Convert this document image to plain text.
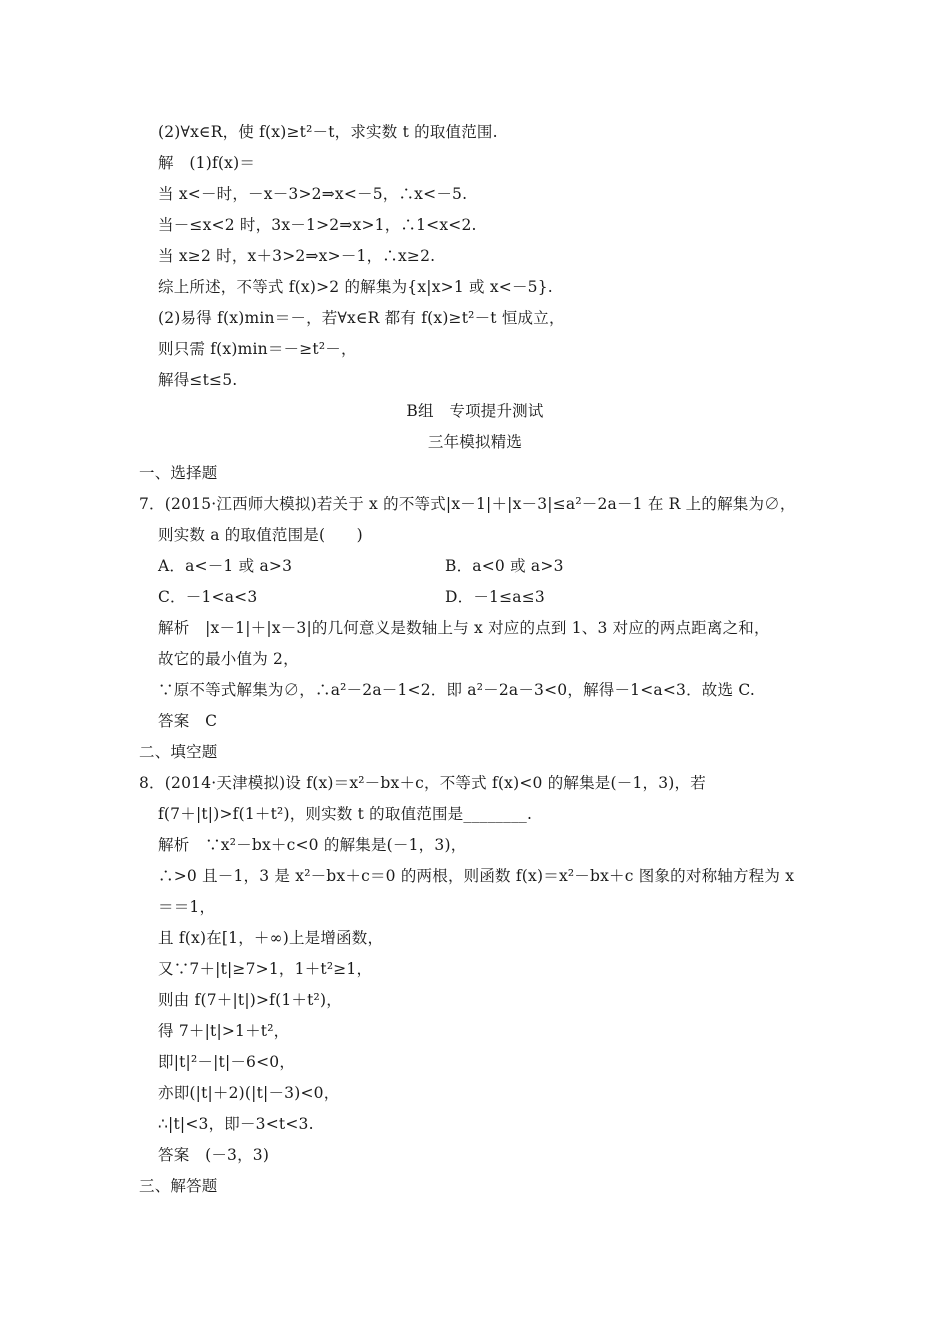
(2)∀x∈R，使 f(x)≥t²－t，求实数 t 的取值范围.
解　(1)f(x)＝
当 x<－时，－x－3>2⇒x<－5，∴x<－5.
当－≤x<2 时，3x－1>2⇒x>1，∴1<x<2.
当 x≥2 时，x＋3>2⇒x>－1，∴x≥2.
综上所述，不等式 f(x)>2 的解集为{x|x>1 或 x<－5}.
(2)易得 f(x)min＝－，若∀x∈R 都有 f(x)≥t²－t 恒成立，
则只需 f(x)min＝－≥t²－，
解得≤t≤5.
B组　专项提升测试
三年模拟精选
一、选择题
7．(2015·江西师大模拟)若关于 x 的不等式|x－1|＋|x－3|≤a²－2a－1 在 R 上的解集为∅，
则实数 a 的取值范围是(　　)
A．a<－1 或 a>3	B．a<0 或 a>3
C．－1<a<3	D．－1≤a≤3
解析　|x－1|＋|x－3|的几何意义是数轴上与 x 对应的点到 1、3 对应的两点距离之和，
故它的最小值为 2，
∵原不等式解集为∅，∴a²－2a－1<2．即 a²－2a－3<0，解得－1<a<3．故选 C.
答案　C
二、填空题
8．(2014·天津模拟)设 f(x)＝x²－bx＋c，不等式 f(x)<0 的解集是(－1，3)，若
f(7＋|t|)>f(1＋t²)，则实数 t 的取值范围是________.
解析　∵x²－bx＋c<0 的解集是(－1，3)，
∴>0 且－1，3 是 x²－bx＋c＝0 的两根，则函数 f(x)＝x²－bx＋c 图象的对称轴方程为 x
＝＝1，
且 f(x)在[1，＋∞)上是增函数，
又∵7＋|t|≥7>1，1＋t²≥1，
则由 f(7＋|t|)>f(1＋t²)，
得 7＋|t|>1＋t²，
即|t|²－|t|－6<0，
亦即(|t|＋2)(|t|－3)<0，
∴|t|<3，即－3<t<3.
答案　(－3，3)
三、解答题
